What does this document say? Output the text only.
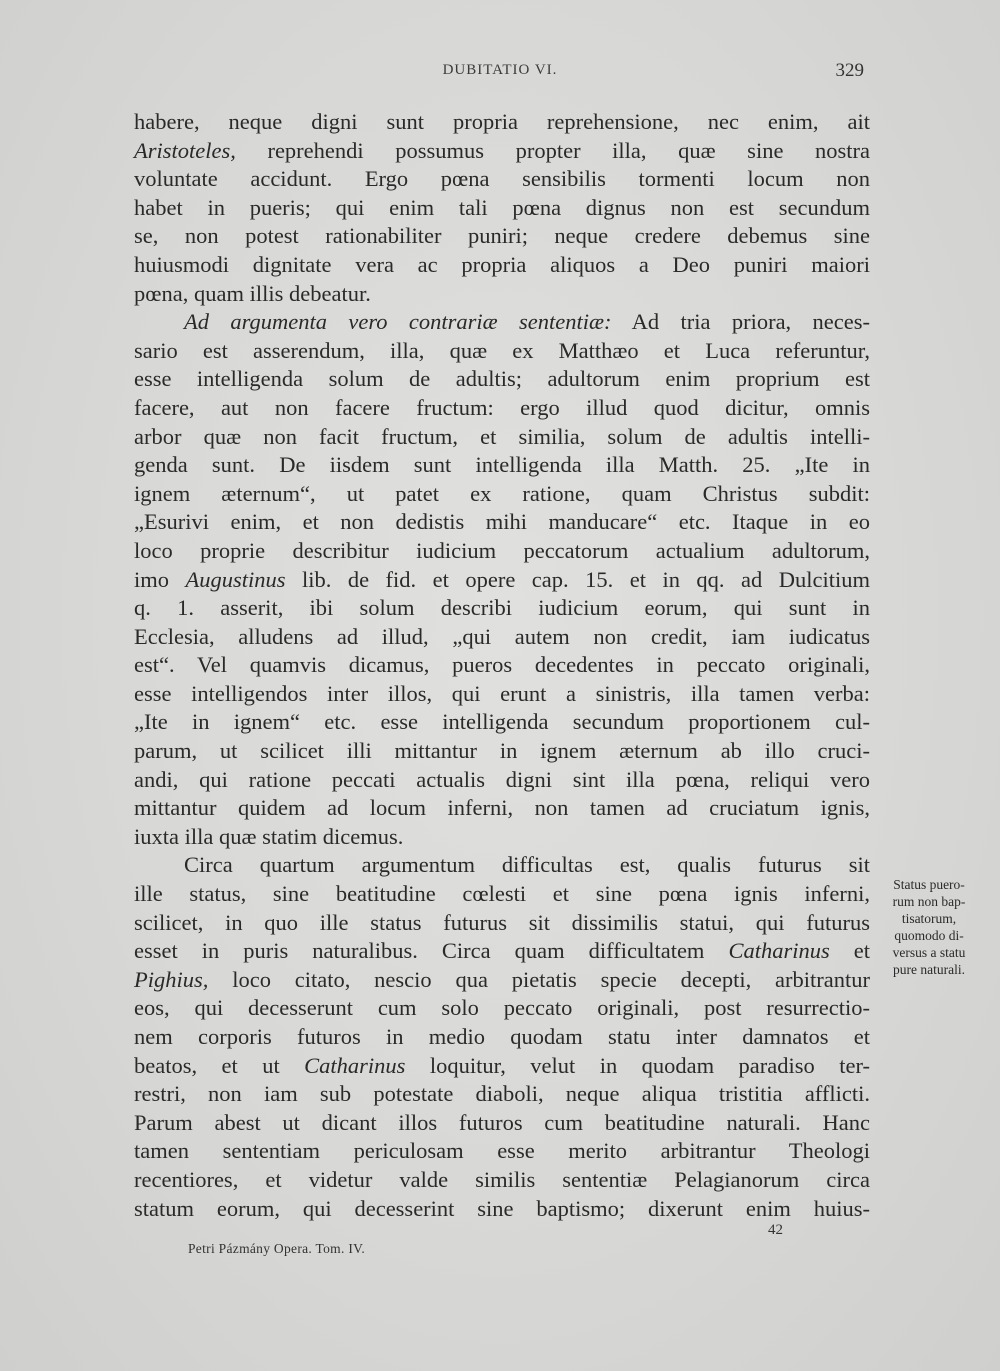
DUBITATIO VI.	329
habere, neque digni sunt propria reprehensione, nec enim, ait
Aristoteles, reprehendi possumus propter illa, quæ sine nostra
voluntate accidunt. Ergo pœna sensibilis tormenti locum non
habet in pueris; qui enim tali pœna dignus non est secundum
se, non potest rationabiliter puniri; neque credere debemus sine
huiusmodi dignitate vera ac propria aliquos a Deo puniri maiori
pœna, quam illis debeatur.
Ad argumenta vero contrariæ sententiæ: Ad tria priora, neces-
sario est asserendum, illa, quæ ex Matthæo et Luca referuntur,
esse intelligenda solum de adultis; adultorum enim proprium est
facere, aut non facere fructum: ergo illud quod dicitur, omnis
arbor quæ non facit fructum, et similia, solum de adultis intelli-
genda sunt. De iisdem sunt intelligenda illa Matth. 25. „Ite in
ignem æternum“, ut patet ex ratione, quam Christus subdit:
„Esurivi enim, et non dedistis mihi manducare“ etc. Itaque in eo
loco proprie describitur iudicium peccatorum actualium adultorum,
imo Augustinus lib. de fid. et opere cap. 15. et in qq. ad Dulcitium
q. 1. asserit, ibi solum describi iudicium eorum, qui sunt in
Ecclesia, alludens ad illud, „qui autem non credit, iam iudicatus
est“. Vel quamvis dicamus, pueros decedentes in peccato originali,
esse intelligendos inter illos, qui erunt a sinistris, illa tamen verba:
„Ite in ignem“ etc. esse intelligenda secundum proportionem cul-
parum, ut scilicet illi mittantur in ignem æternum ab illo cruci-
andi, qui ratione peccati actualis digni sint illa pœna, reliqui vero
mittantur quidem ad locum inferni, non tamen ad cruciatum ignis,
iuxta illa quæ statim dicemus.
Circa quartum argumentum difficultas est, qualis futurus sit
ille status, sine beatitudine cœlesti et sine pœna ignis inferni,
scilicet, in quo ille status futurus sit dissimilis statui, qui futurus
esset in puris naturalibus. Circa quam difficultatem Catharinus et
Pighius, loco citato, nescio qua pietatis specie decepti, arbitrantur
eos, qui decesserunt cum solo peccato originali, post resurrectio-
nem corporis futuros in medio quodam statu inter damnatos et
beatos, et ut Catharinus loquitur, velut in quodam paradiso ter-
restri, non iam sub potestate diaboli, neque aliqua tristitia afflicti.
Parum abest ut dicant illos futuros cum beatitudine naturali. Hanc
tamen sententiam periculosam esse merito arbitrantur Theologi
recentiores, et videtur valde similis sententiæ Pelagianorum circa
statum eorum, qui decesserint sine baptismo; dixerunt enim huius-
Status puero-
rum non bap-
tisatorum,
quomodo di-
versus a statu
pure naturali.
42
Petri Pázmány Opera. Tom. IV.
